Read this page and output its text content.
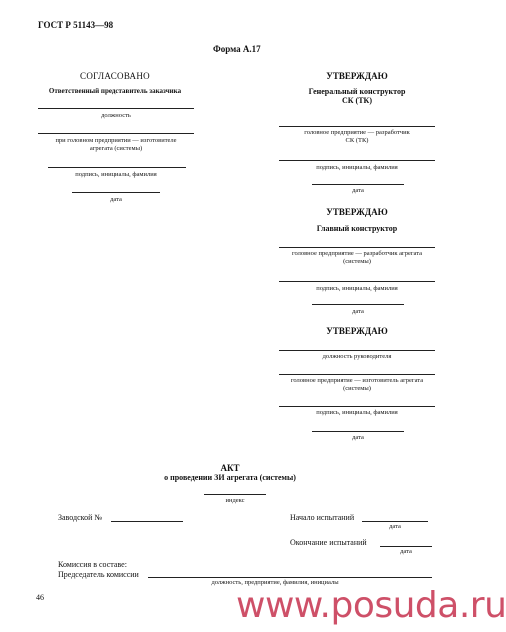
ГОСТ Р 51143—98
Форма А.17
СОГЛАСОВАНО
Ответственный представитель заказчика
должность
при головном предприятии — изготовителе
агрегата (системы)
подпись, инициалы, фамилия
дата
УТВЕРЖДАЮ
Генеральный конструктор
СК (ТК)
головное предприятие — разработчик
СК (ТК)
подпись, инициалы, фамилия
дата
УТВЕРЖДАЮ
Главный конструктор
головное предприятие — разработчик агрегата
(системы)
подпись, инициалы, фамилия
дата
УТВЕРЖДАЮ
должность руководителя
головное предприятие — изготовитель агрегата
(системы)
подпись, инициалы, фамилия
дата
АКТ
о проведении ЗИ агрегата (системы)
индекс
Заводской №	Начало испытаний
дата
Окончание испытаний
дата
Комиссия в составе:
Председатель комиссии
должность, предприятие, фамилия, инициалы
46	www.posuda.ru
